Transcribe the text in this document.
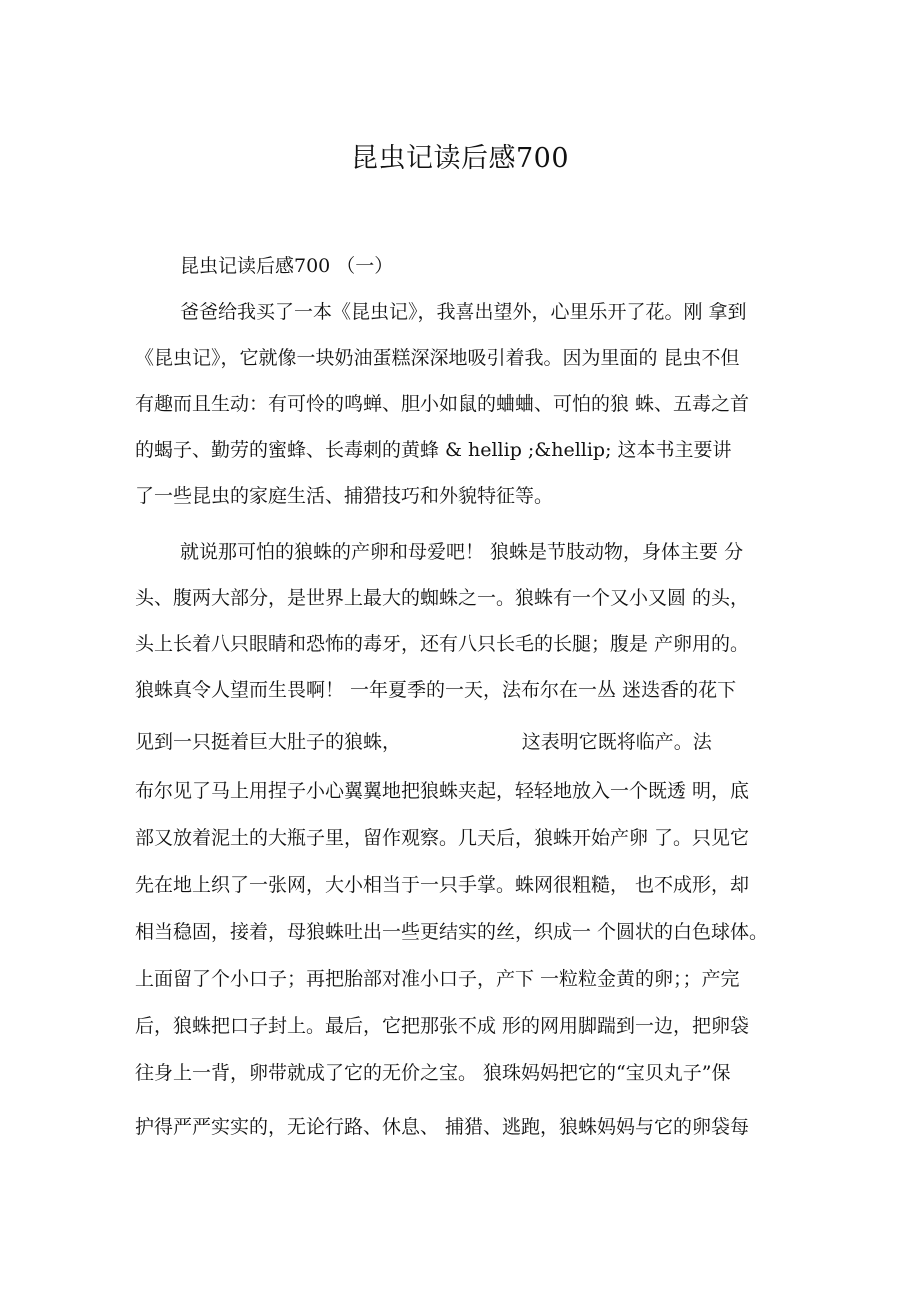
昆虫记读后感700
昆虫记读后感700 （一）
爸爸给我买了一本《昆虫记》，我喜出望外，心里乐开了花。刚 拿到
《昆虫记》，它就像一块奶油蛋糕深深地吸引着我。因为里面的 昆虫不但
有趣而且生动：有可怜的鸣蝉、胆小如鼠的蛐蛐、可怕的狼 蛛、五毒之首
的蝎子、勤劳的蜜蜂、长毒刺的黄蜂 & hellip ;&hellip; 这本书主要讲
了一些昆虫的家庭生活、捕猎技巧和外貌特征等。
就说那可怕的狼蛛的产卵和母爱吧！ 狼蛛是节肢动物，身体主要 分
头、腹两大部分，是世界上最大的蜘蛛之一。狼蛛有一个又小又圆 的头，
头上长着八只眼睛和恐怖的毒牙，还有八只长毛的长腿；腹是 产卵用的。
狼蛛真令人望而生畏啊！ 一年夏季的一天，法布尔在一丛 迷迭香的花下
见到一只挺着巨大肚子的狼蛛，                    这表明它既将临产。法
布尔见了马上用捏子小心翼翼地把狼蛛夹起，轻轻地放入一个既透 明，底
部又放着泥土的大瓶子里，留作观察。几天后，狼蛛开始产卵 了。只见它
先在地上织了一张网，大小相当于一只手掌。蛛网很粗糙， 也不成形，却
相当稳固，接着，母狼蛛吐出一些更结实的丝，织成一 个圆状的白色球体。
上面留了个小口子；再把胎部对准小口子，产下 一粒粒金黄的卵；；产完
后，狼蛛把口子封上。最后，它把那张不成 形的网用脚踹到一边，把卵袋
往身上一背，卵带就成了它的无价之宝。 狼珠妈妈把它的“宝贝丸子”保
护得严严实实的，无论行路、休息、 捕猎、逃跑，狼蛛妈妈与它的卵袋每
